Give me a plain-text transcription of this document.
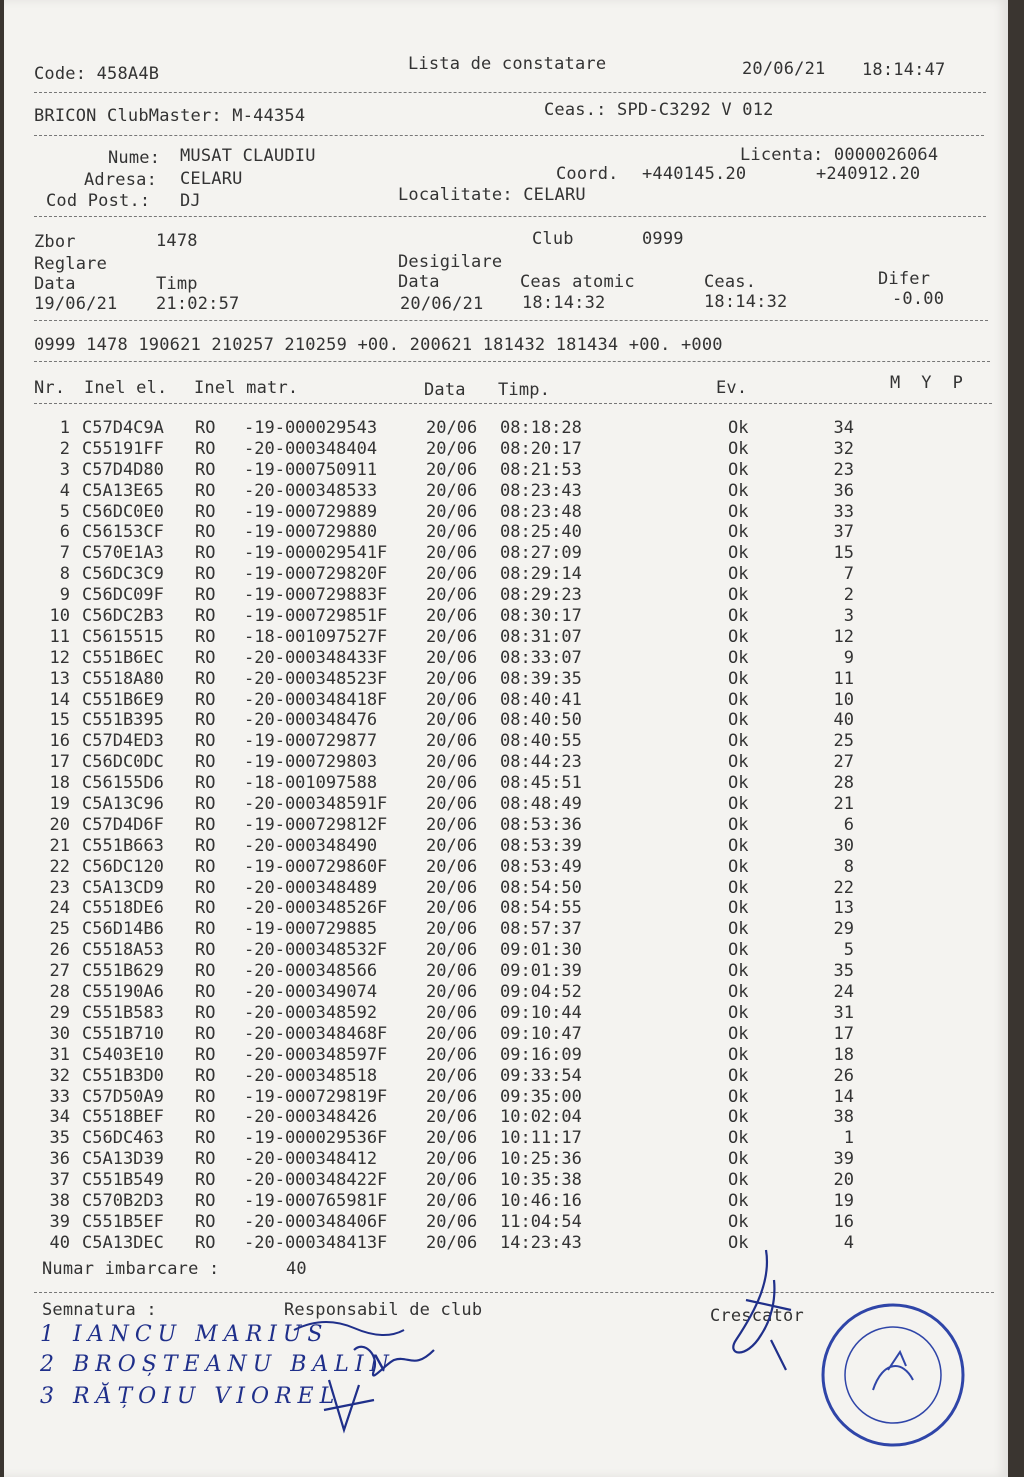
Code: 458A4B	Lista de constatare	20/06/21 18:14:47
BRICON ClubMaster: M-44354	Ceas.: SPD-C3292 V 012
Nume: MUSAT CLAUDIU
Adresa: CELARU
Cod Post.: DJ
Licenta: 0000026064
Coord. +440145.20	+240912.20
Localitate: CELARU
Zbor	1478	Club	0999
Reglare	Desigilare
Data	Timp	Data	Ceas atomic	Ceas.	Difer
19/06/21 21:02:57	20/06/21 18:14:32	18:14:32	-0.00
0999 1478 190621 210257 210259 +00. 200621 181432 181434 +00. +000
Nr. Inel el. Inel matr.	Data Timp.	Ev.	M  Y  P
1 C57D4C9A RO -19-000029543	20/06 08:18:28	Ok	34
2 C55191FF RO -20-000348404	20/06 08:20:17	Ok	32
3 C57D4D80 RO -19-000750911	20/06 08:21:53	Ok	23
4 C5A13E65 RO -20-000348533	20/06 08:23:43	Ok	36
5 C56DC0E0 RO -19-000729889	20/06 08:23:48	Ok	33
6 C56153CF RO -19-000729880	20/06 08:25:40	Ok	37
7 C570E1A3 RO -19-000029541F 20/06 08:27:09	Ok	15
8 C56DC3C9 RO -19-000729820F 20/06 08:29:14	Ok	7
9 C56DC09F RO -19-000729883F 20/06 08:29:23	Ok	2
10 C56DC2B3 RO -19-000729851F 20/06 08:30:17	Ok	3
11 C5615515 RO -18-001097527F 20/06 08:31:07	Ok	12
12 C551B6EC RO -20-000348433F 20/06 08:33:07	Ok	9
13 C5518A80 RO -20-000348523F 20/06 08:39:35	Ok	11
14 C551B6E9 RO -20-000348418F 20/06 08:40:41	Ok	10
15 C551B395 RO -20-000348476	20/06 08:40:50	Ok	40
16 C57D4ED3 RO -19-000729877	20/06 08:40:55	Ok	25
17 C56DC0DC RO -19-000729803	20/06 08:44:23	Ok	27
18 C56155D6 RO -18-001097588	20/06 08:45:51	Ok	28
19 C5A13C96 RO -20-000348591F 20/06 08:48:49	Ok	21
20 C57D4D6F RO -19-000729812F 20/06 08:53:36	Ok	6
21 C551B663 RO -20-000348490	20/06 08:53:39	Ok	30
22 C56DC120 RO -19-000729860F 20/06 08:53:49	Ok	8
23 C5A13CD9 RO -20-000348489	20/06 08:54:50	Ok	22
24 C5518DE6 RO -20-000348526F 20/06 08:54:55	Ok	13
25 C56D14B6 RO -19-000729885	20/06 08:57:37	Ok	29
26 C5518A53 RO -20-000348532F 20/06 09:01:30	Ok	5
27 C551B629 RO -20-000348566	20/06 09:01:39	Ok	35
28 C55190A6 RO -20-000349074	20/06 09:04:52	Ok	24
29 C551B583 RO -20-000348592	20/06 09:10:44	Ok	31
30 C551B710 RO -20-000348468F 20/06 09:10:47	Ok	17
31 C5403E10 RO -20-000348597F 20/06 09:16:09	Ok	18
32 C551B3D0 RO -20-000348518	20/06 09:33:54	Ok	26
33 C57D50A9 RO -19-000729819F 20/06 09:35:00	Ok	14
34 C5518BEF RO -20-000348426	20/06 10:02:04	Ok	38
35 C56DC463 RO -19-000029536F 20/06 10:11:17	Ok	1
36 C5A13D39 RO -20-000348412	20/06 10:25:36	Ok	39
37 C551B549 RO -20-000348422F 20/06 10:35:38	Ok	20
38 C570B2D3 RO -19-000765981F 20/06 10:46:16	Ok	19
39 C551B5EF RO -20-000348406F 20/06 11:04:54	Ok	16
40 C5A13DEC RO -20-000348413F 20/06 14:23:43	Ok	4
Numar imbarcare :	40
Semnatura :	Responsabil de club	Crescator
1 IANCU MARIUS
2 BROȘTEANU BALIN
3 RĂȚOIU VIOREL
